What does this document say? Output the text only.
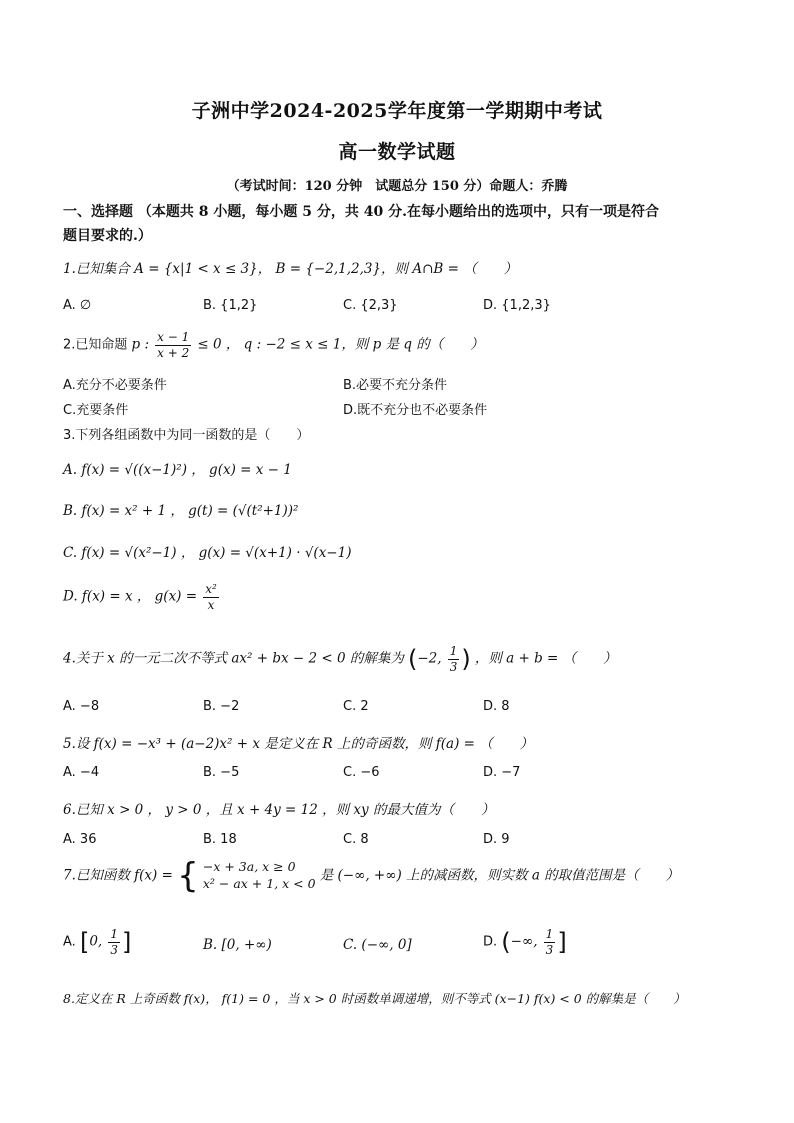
子洲中学2024-2025学年度第一学期期中考试
高一数学试题
（考试时间：120 分钟　试题总分 150 分）命题人：乔腾
一、选择题 （本题共 8 小题，每小题 5 分，共 40 分.在每小题给出的选项中，只有一项是符合
题目要求的.）
1.已知集合 A = {x|1 < x ≤ 3}， B = {−2,1,2,3}，则 A∩B = （　　）
A. ∅	B. {1,2}	C. {2,3}	D. {1,2,3}
2.已知命题 p : $\frac{x - 1}{x + 2} \le 0$ ， q : −2 ≤ x ≤ 1，则 p 是 q 的（　　）
A.充分不必要条件	B.必要不充分条件
C.充要条件	D.既不充分也不必要条件
3.下列各组函数中为同一函数的是（　　）
A. f(x) = √((x−1)²) ， g(x) = x − 1
B. f(x) = x² + 1 ， g(t) = (√(t²+1))²
C. f(x) = √(x²−1) ， g(x) = √(x+1) · √(x−1)
D. f(x) = x ， $g(x) = \frac{\text{x²}}{x}$
4.关于 x 的一元二次不等式 ax² + bx − 2 < 0 的解集为 (−2, $\frac{1}{3}$ ) ，则 a + b = （　　）
A. −8	B. −2	C. 2	D. 8
5.设 f(x) = −x³ + (a−2)x² + x 是定义在 R 上的奇函数，则 f(a) = （　　）
A. −4	B. −5	C. −6	D. −7
6.已知 x > 0 ， y > 0 ，且 x + 4y = 12 ，则 xy 的最大值为（　　）
A. 36	B. 18	C. 8	D. 9
7.已知函数 f(x) = { −x + 3a, x ≥ 0
x² − ax + 1, x < 0 是 (−∞, +∞) 上的减函数，则实数 a 的取值范围是（　　）
A. [0, $\frac{1}{3}$ ]	B. [0, +∞)	C. (−∞, 0]	D. (−∞, $\frac{1}{3}$ ]
8.定义在 R 上奇函数 f(x)， f(1) = 0 ，当 x > 0 时函数单调递增，则不等式 (x−1) f(x) < 0 的解集是（　　）
